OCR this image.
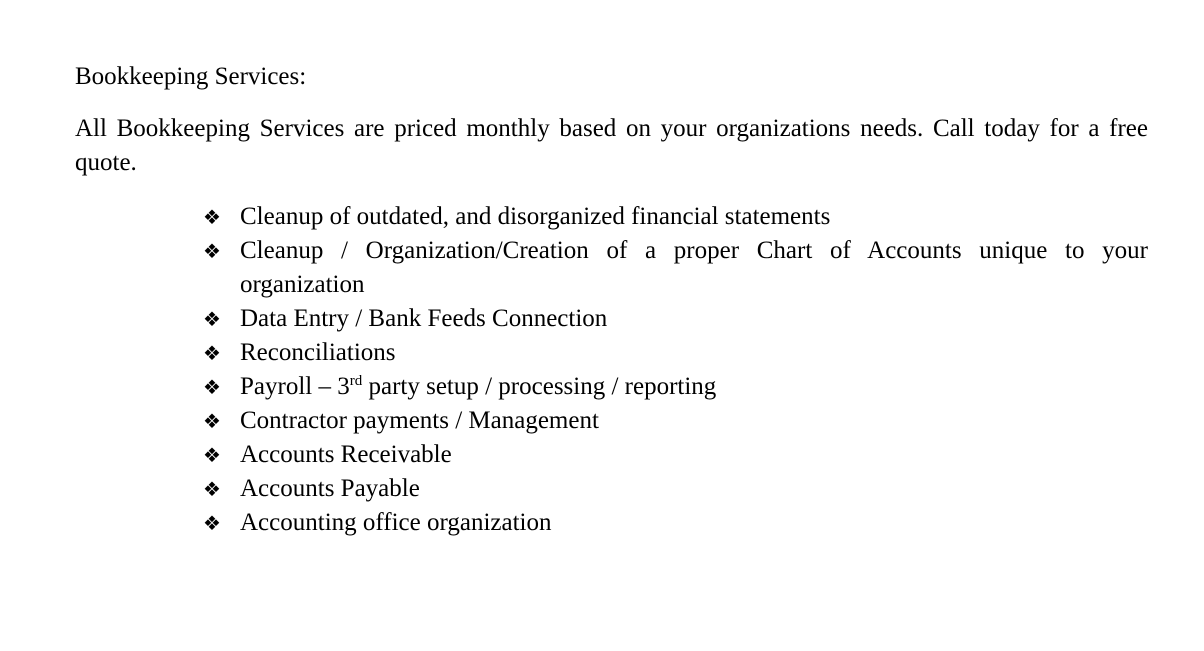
Bookkeeping Services:

All Bookkeeping Services are priced monthly based on your organizations needs. Call today for a free quote.

❖ Cleanup of outdated, and disorganized financial statements
❖ Cleanup / Organization/Creation of a proper Chart of Accounts unique to your organization
❖ Data Entry / Bank Feeds Connection
❖ Reconciliations
❖ Payroll – 3rd party setup / processing / reporting
❖ Contractor payments / Management
❖ Accounts Receivable
❖ Accounts Payable
❖ Accounting office organization
